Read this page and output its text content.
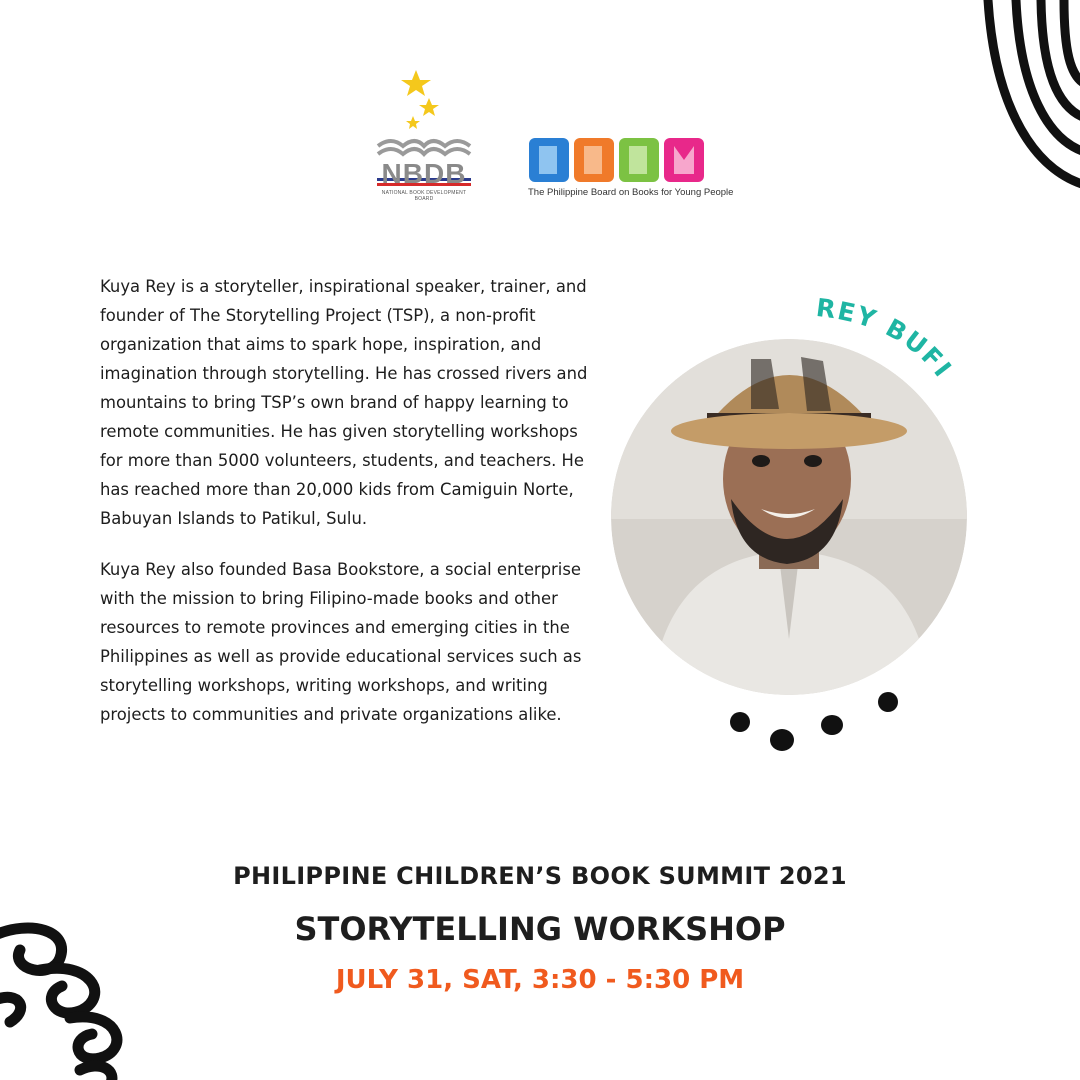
NBDB
NATIONAL BOOK DEVELOPMENT BOARD
The Philippine Board on Books for Young People

Kuya Rey is a storyteller, inspirational speaker, trainer, and founder of The Storytelling Project (TSP), a non-profit organization that aims to spark hope, inspiration, and imagination through storytelling. He has crossed rivers and mountains to bring TSP’s own brand of happy learning to remote communities. He has given storytelling workshops for more than 5000 volunteers, students, and teachers. He has reached more than 20,000 kids from Camiguin Norte, Babuyan Islands to Patikul, Sulu.

Kuya Rey also founded Basa Bookstore, a social enterprise with the mission to bring Filipino-made books and other resources to remote provinces and emerging cities in the Philippines as well as provide educational services such as storytelling workshops, writing workshops, and writing projects to communities and private organizations alike.

REY BUFI
PHILIPPINE CHILDREN’S BOOK SUMMIT 2021
STORYTELLING WORKSHOP
JULY 31, SAT, 3:30 - 5:30 PM
